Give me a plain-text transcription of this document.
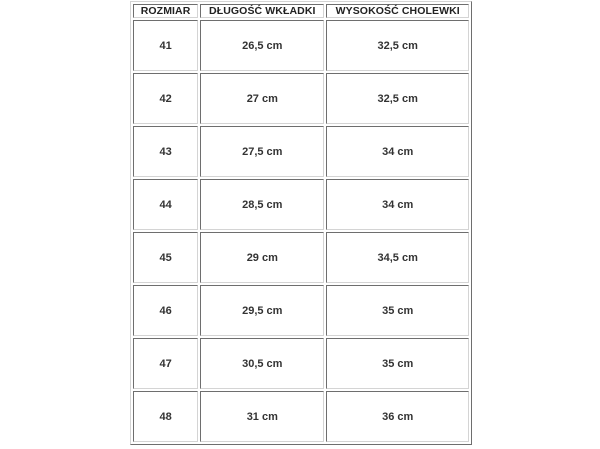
ROZMIAR	DŁUGOŚĆ WKŁADKI	WYSOKOŚĆ CHOLEWKI
41	26,5 cm	32,5 cm
42	27 cm	32,5 cm
43	27,5 cm	34 cm
44	28,5 cm	34 cm
45	29 cm	34,5 cm
46	29,5 cm	35 cm
47	30,5 cm	35 cm
48	31 cm	36 cm
